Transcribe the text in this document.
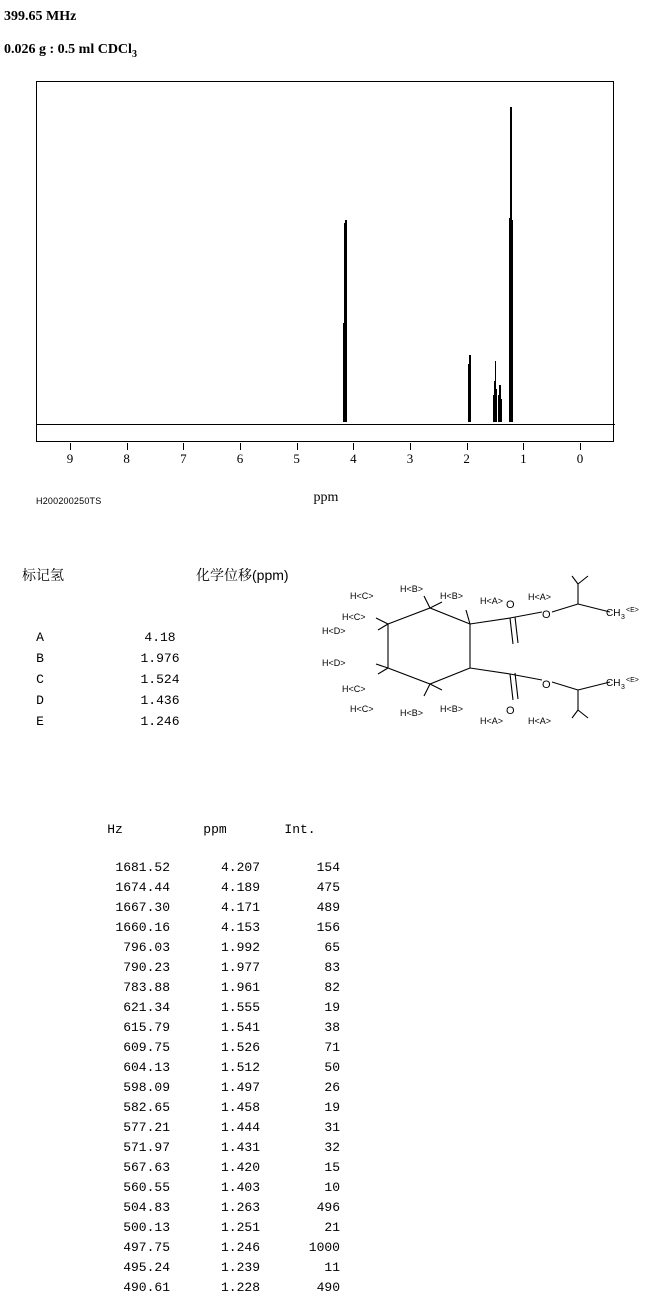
399.65 MHz
0.026 g : 0.5 ml CDCl$_3$
9	8	7	6	5	4	3	2	1	0
ppm
H200200250TS
标记氢	化学位移(ppm)
A	4.18
B	1.976
C	1.524
D	1.436
E	1.246
H<C>
H<B>
H<B> H<A>	H<A>
H<C>
H<D>
H<D>
H<C>
H<C>	H<B> H<B>
H<A>	H<A>
O
O
O
O
CH 3
<E>
CH 3
<E>
Hz	ppm	Int.
1681.52	4.207	154
1674.44	4.189	475
1667.30	4.171	489
1660.16	4.153	156
796.03	1.992	65
790.23	1.977	83
783.88	1.961	82
621.34	1.555	19
615.79	1.541	38
609.75	1.526	71
604.13	1.512	50
598.09	1.497	26
582.65	1.458	19
577.21	1.444	31
571.97	1.431	32
567.63	1.420	15
560.55	1.403	10
504.83	1.263	496
500.13	1.251	21
497.75	1.246	1000
495.24	1.239	11
490.61	1.228	490
